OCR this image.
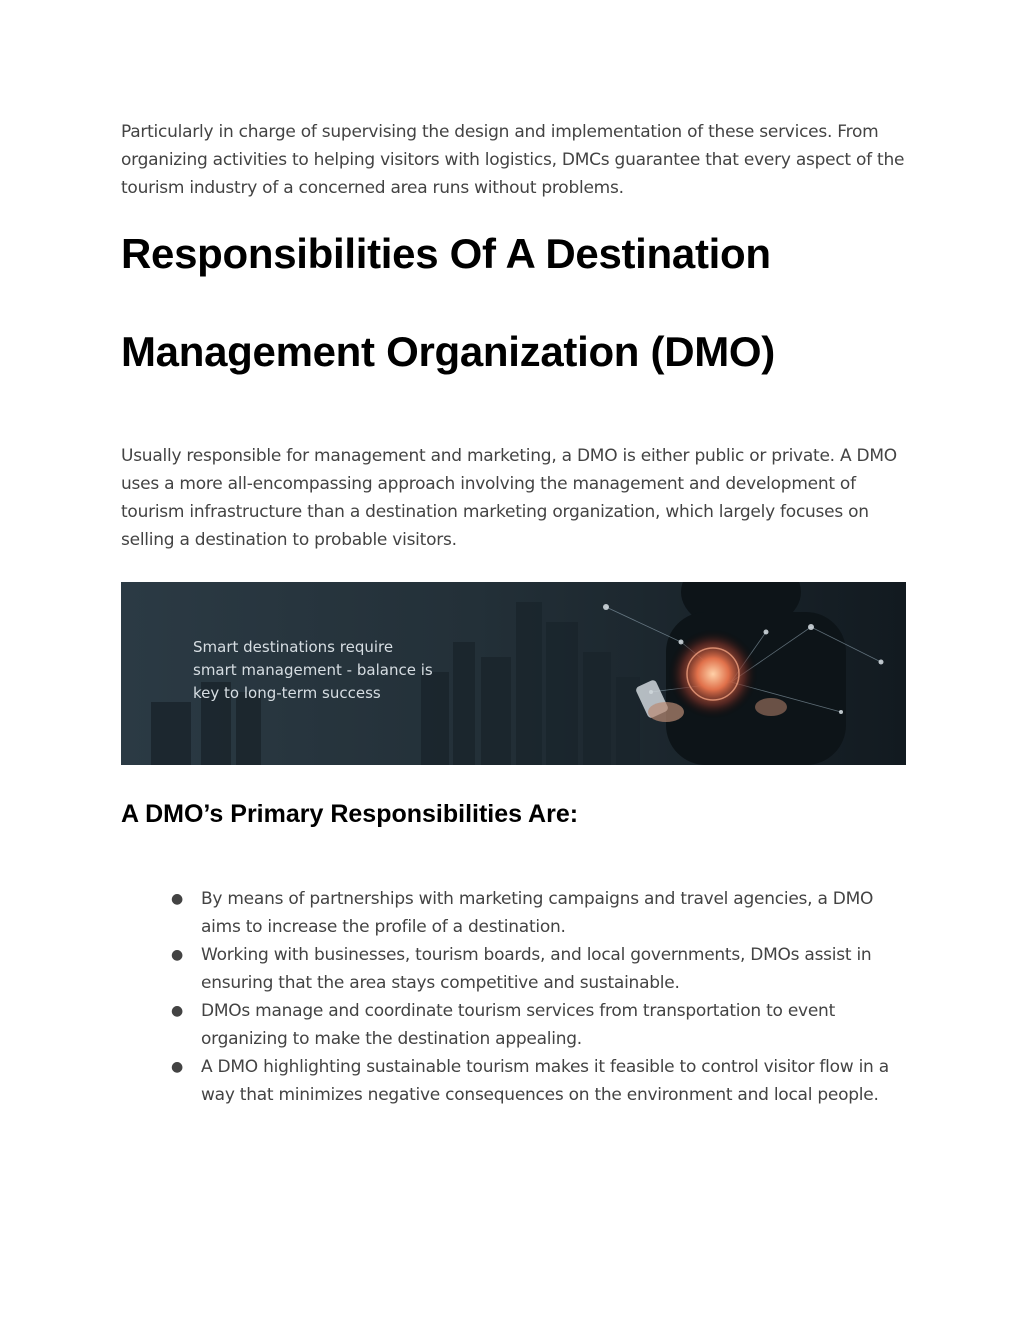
Particularly in charge of supervising the design and implementation of these services. From organizing activities to helping visitors with logistics, DMCs guarantee that every aspect of the tourism industry of a concerned area runs without problems.

Responsibilities Of A Destination
Management Organization (DMO)

Usually responsible for management and marketing, a DMO is either public or private. A DMO uses a more all-encompassing approach involving the management and development of tourism infrastructure than a destination marketing organization, which largely focuses on selling a destination to probable visitors.

Smart destinations require
smart management - balance is
key to long-term success
A DMO’s Primary Responsibilities Are:
● By means of partnerships with marketing campaigns and travel agencies, a DMO aims to increase the profile of a destination.
● Working with businesses, tourism boards, and local governments, DMOs assist in ensuring that the area stays competitive and sustainable.
● DMOs manage and coordinate tourism services from transportation to event organizing to make the destination appealing.
● A DMO highlighting sustainable tourism makes it feasible to control visitor flow in a way that minimizes negative consequences on the environment and local people.
